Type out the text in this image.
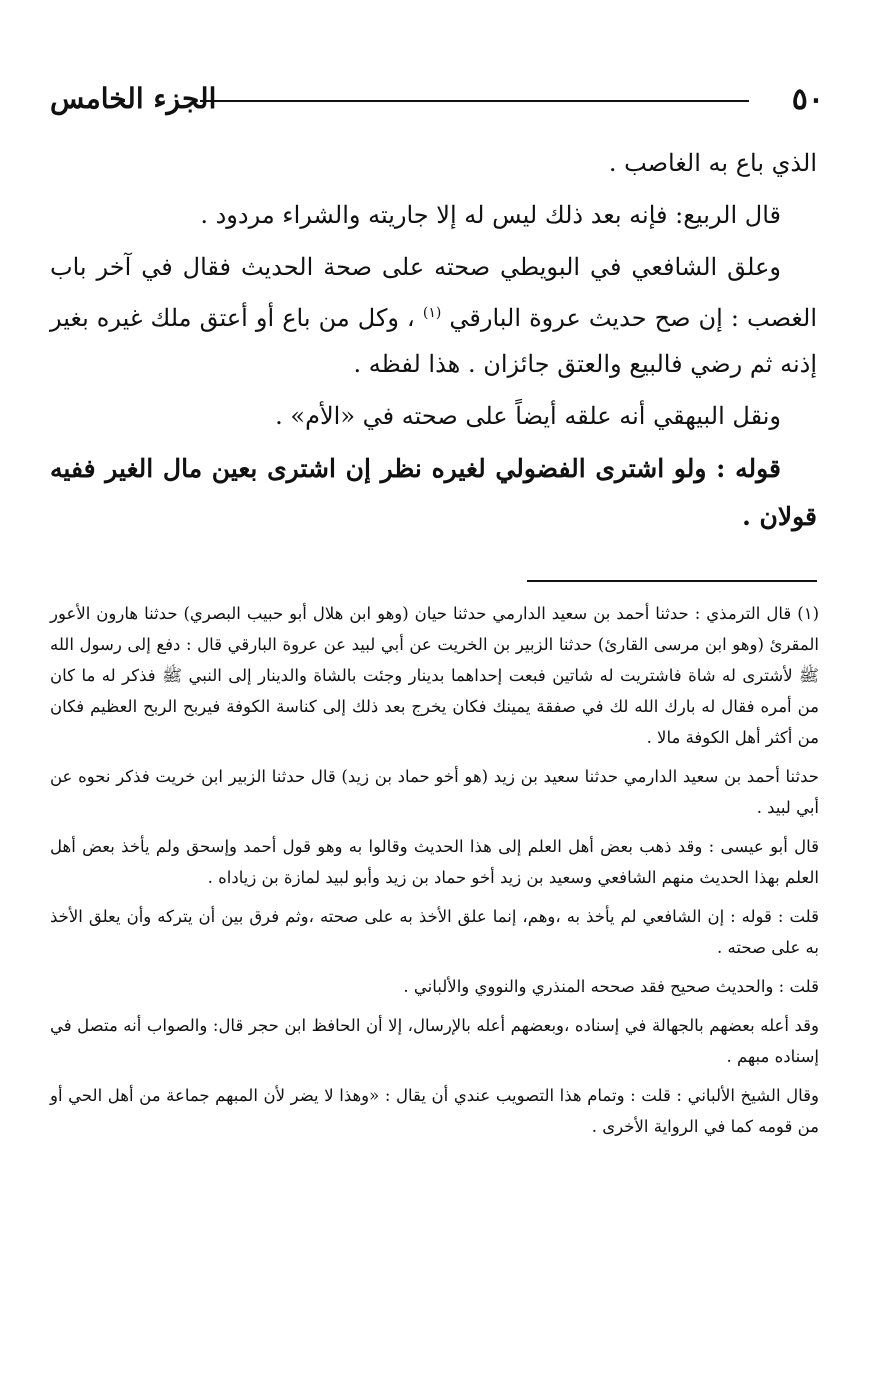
٥٠
الجزء الخامس

الذي باع به الغاصب .

قال الربيع: فإنه بعد ذلك ليس له إلا جاريته والشراء مردود .

وعلق الشافعي في البويطي صحته على صحة الحديث فقال في آخر باب الغصب : إن صح حديث عروة البارقي $^{(١)}$ ، وكل من باع أو أعتق ملك غيره بغير إذنه ثم رضي فالبيع والعتق جائزان . هذا لفظه .

ونقل البيهقي أنه علقه أيضاً على صحته في «الأم» .

قوله : ولو اشترى الفضولي لغيره نظر إن اشترى بعين مال الغير ففيه قولان .

(١)قال الترمذي : حدثنا أحمد بن سعيد الدارمي حدثنا حيان (وهو ابن هلال أبو حبيب البصري) حدثنا هارون الأعور المقرئ (وهو ابن مرسى القارئ) حدثنا الزبير بن الخريت عن أبي لبيد عن عروة البارقي قال : دفع إلى رسول الله ﷺ لأشترى له شاة فاشتريت له شاتين فبعت إحداهما بدينار وجئت بالشاة والدينار إلى النبي ﷺ فذكر له ما كان من أمره فقال له بارك الله لك في صفقة يمينك فكان يخرج بعد ذلك إلى كناسة الكوفة فيربح الربح العظيم فكان من أكثر أهل الكوفة مالا .

حدثنا أحمد بن سعيد الدارمي حدثنا سعيد بن زيد (هو أخو حماد بن زيد) قال حدثنا الزبير ابن خريت فذكر نحوه عن أبي لبيد .

قال أبو عيسى : وقد ذهب بعض أهل العلم إلى هذا الحديث وقالوا به وهو قول أحمد وإسحق ولم يأخذ بعض أهل العلم بهذا الحديث منهم الشافعي وسعيد بن زيد أخو حماد بن زيد وأبو لبيد لمازة بن زياداه .

قلت : قوله : إن الشافعي لم يأخذ به ،وهم، إنما علق الأخذ به على صحته ،وثم فرق بين أن يتركه وأن يعلق الأخذ به على صحته .

قلت : والحديث صحيح فقد صححه المنذري والنووي والألباني .

وقد أعله بعضهم بالجهالة في إسناده ،وبعضهم أعله بالإرسال، إلا أن الحافظ ابن حجر قال: والصواب أنه متصل في إسناده مبهم .

وقال الشيخ الألباني : قلت : وتمام هذا التصويب عندي أن يقال : «وهذا لا يضر لأن المبهم جماعة من أهل الحي أو من قومه كما في الرواية الأخرى .
